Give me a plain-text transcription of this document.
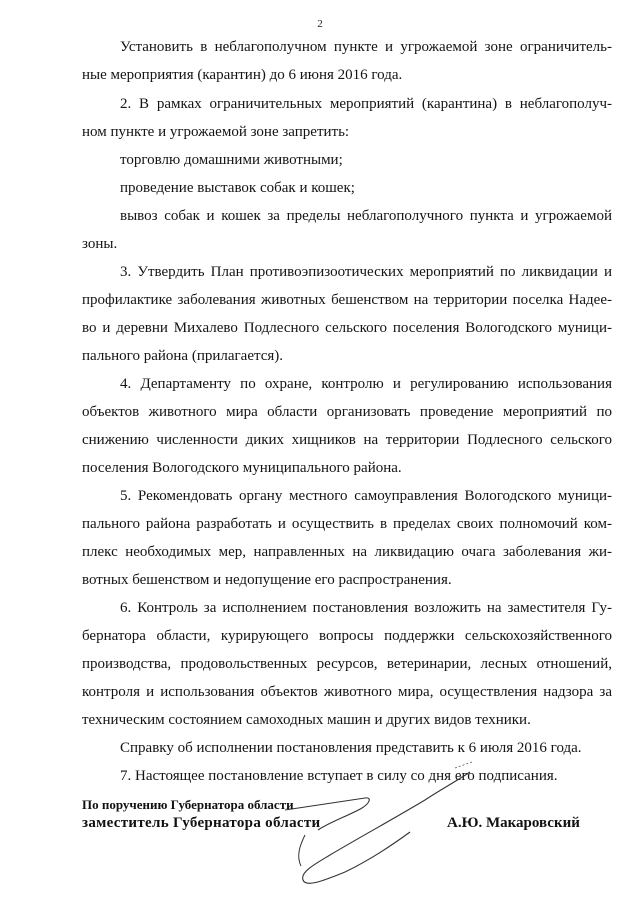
2
Установить в неблагополучном пункте и угрожаемой зоне ограничитель-
ные мероприятия (карантин) до 6 июня 2016 года.
2. В рамках ограничительных мероприятий (карантина) в неблагополуч-
ном пункте и угрожаемой зоне запретить:
торговлю домашними животными;
проведение выставок собак и кошек;
вывоз собак и кошек за пределы неблагополучного пункта и угрожаемой
зоны.
3. Утвердить План противоэпизоотических мероприятий по ликвидации и
профилактике заболевания животных бешенством на территории поселка Надее-
во и деревни Михалево Подлесного сельского поселения Вологодского муници-
пального района (прилагается).
4. Департаменту по охране, контролю и регулированию использования
объектов животного мира области организовать проведение мероприятий по
снижению численности диких хищников на территории Подлесного сельского
поселения Вологодского муниципального района.
5. Рекомендовать органу местного самоуправления Вологодского муници-
пального района разработать и осуществить в пределах своих полномочий ком-
плекс необходимых мер, направленных на ликвидацию очага заболевания жи-
вотных бешенством и недопущение его распространения.
6. Контроль за исполнением постановления возложить на заместителя Гу-
бернатора области, курирующего вопросы поддержки сельскохозяйственного
производства, продовольственных ресурсов, ветеринарии, лесных отношений,
контроля и использования объектов животного мира, осуществления надзора за
техническим состоянием самоходных машин и других видов техники.
Справку об исполнении постановления представить к 6 июля 2016 года.
7. Настоящее постановление вступает в силу со дня его подписания.
По поручению Губернатора области
заместитель Губернатора области	А.Ю. Макаровский
